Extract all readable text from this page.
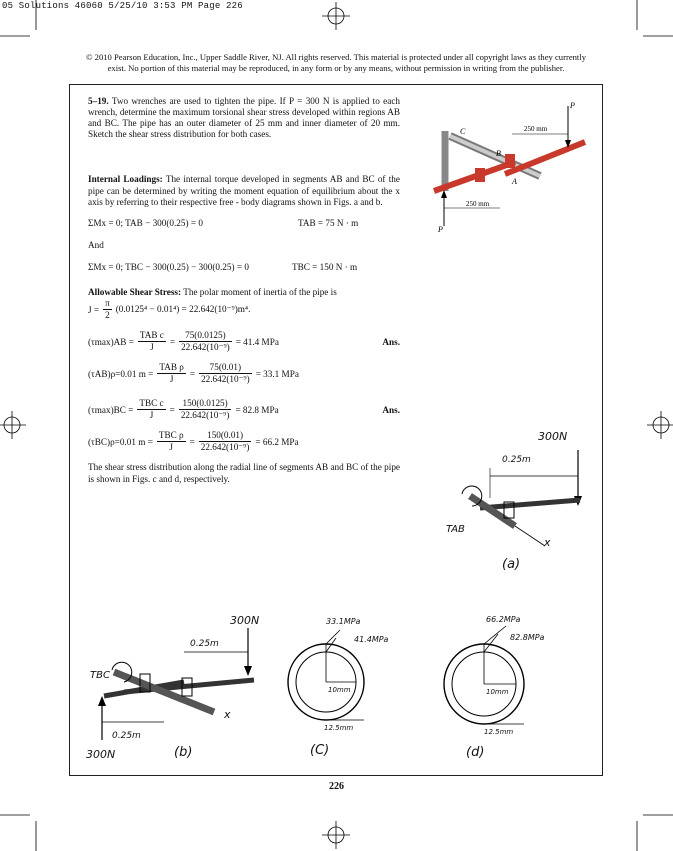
05 Solutions 46060 5/25/10 3:53 PM Page 226
© 2010 Pearson Education, Inc., Upper Saddle River, NJ. All rights reserved. This material is protected under all copyright laws as they currently
exist. No portion of this material may be reproduced, in any form or by any means, without permission in writing from the publisher.
5–19. Two wrenches are used to tighten the pipe. If P = 300 N is applied to each wrench, determine the maximum torsional shear stress developed within regions AB and BC. The pipe has an outer diameter of 25 mm and inner diameter of 20 mm. Sketch the shear stress distribution for both cases.
P
P
250 mm
250 mm
C
B
A
Internal Loadings: The internal torque developed in segments AB and BC of the pipe can be determined by writing the moment equation of equilibrium about the x axis by referring to their respective free - body diagrams shown in Figs. a and b.
ΣMx = 0; TAB − 300(0.25) = 0	TAB = 75 N · m
And
ΣMx = 0; TBC − 300(0.25) − 300(0.25) = 0	TBC = 150 N · m
Allowable Shear Stress: The polar moment of inertia of the pipe is
$J = \frac{\pi}{2} (0.0125^4 - 0.01^4) = 22.642(10^{-9})m^4$.
$(\tau\max)AB = \frac{\text{TAB c}}{J} = \frac{75(0.0125)}{\text{22.642(10⁻⁹)}} = 41.4$ MPa	Ans.
(τAB)ρ=0.01 $m = \frac{\text{TAB ρ}}{J} = \frac{75(0.01)}{\text{22.642(10⁻⁹)}} = 33.1$ MPa
$(\tau\max)BC = \frac{\text{TBC c}}{J} = \frac{150(0.0125)}{\text{22.642(10⁻⁹)}} = 82.8$ MPa	Ans.
(τBC)ρ=0.01 $m = \frac{\text{TBC ρ}}{J} = \frac{150(0.01)}{\text{22.642(10⁻⁹)}} = 66.2$ MPa
The shear stress distribution along the radial line of segments AB and BC of the pipe is shown in Figs. c and d, respectively.
300N
0.25m
TAB
x
(a)
300N
0.25m
TBC
x
0.25m
300N	(b)
33.1MPa
41.4MPa
10mm
12.5mm
(C)
66.2MPa
82.8MPa
10mm
12.5mm
(d)
226
